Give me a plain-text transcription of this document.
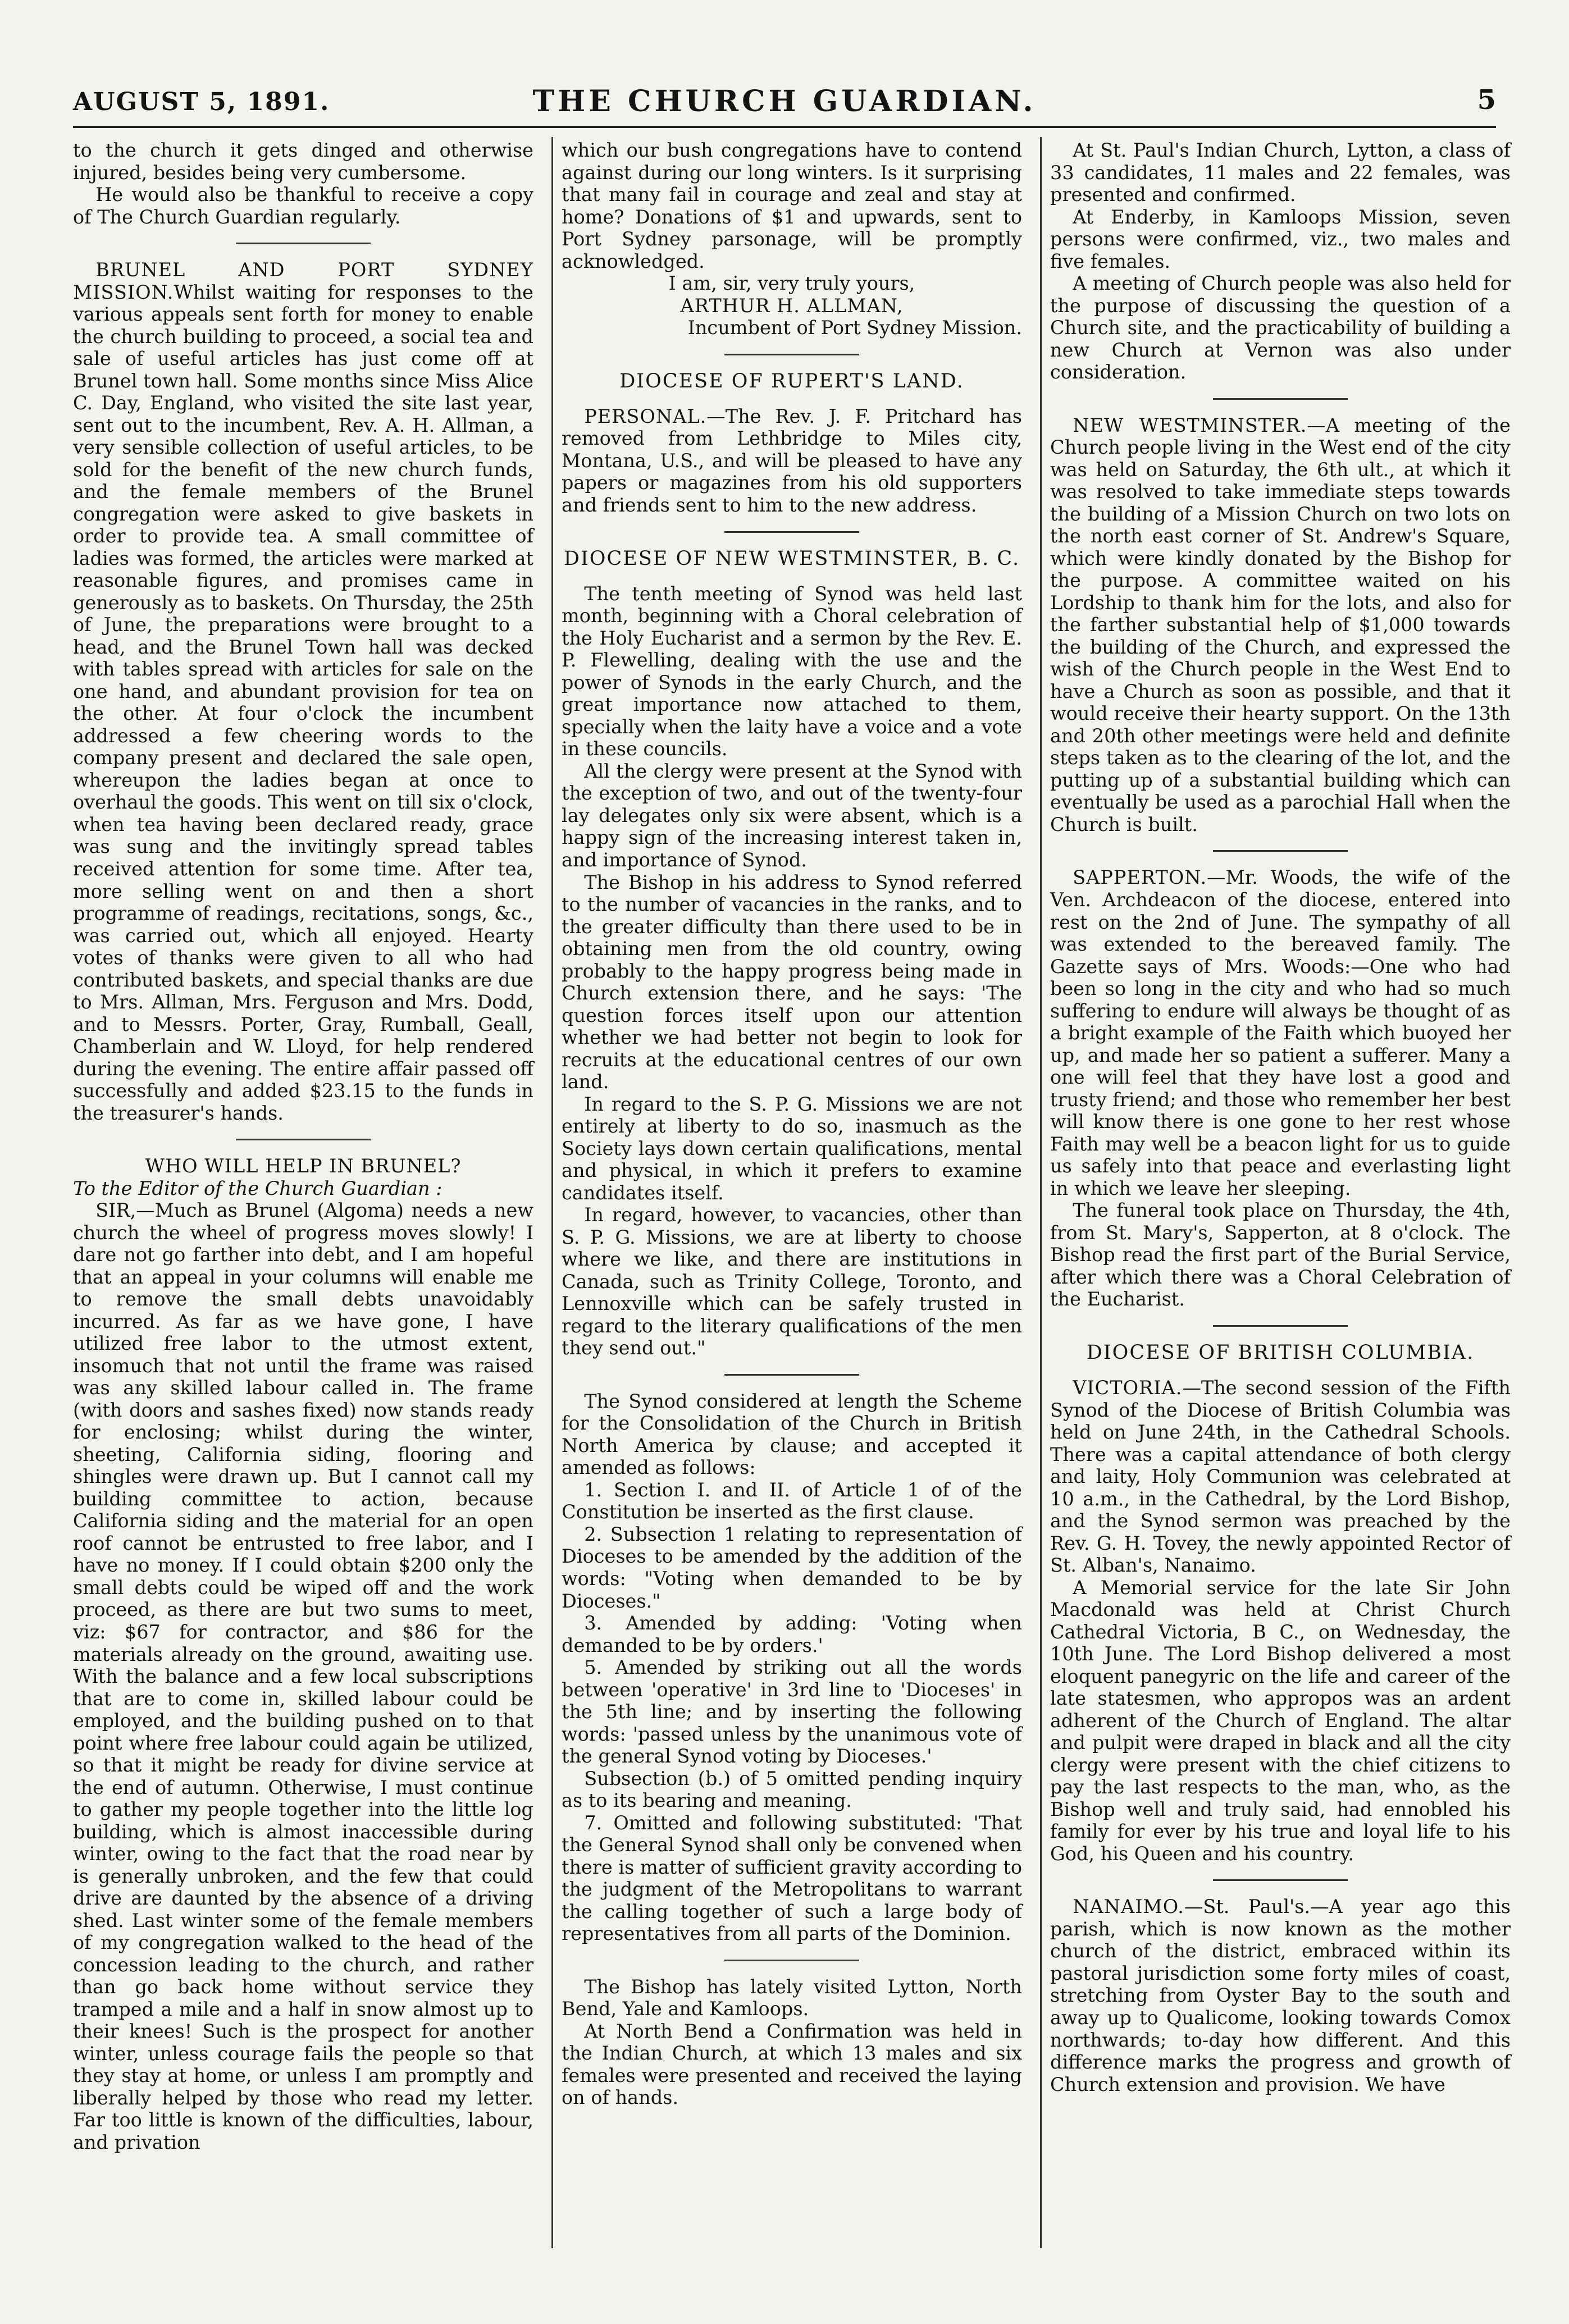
AUGUST 5, 1891.	THE CHURCH GUARDIAN.	5

to the church it gets dinged and otherwise injured, besides being very cumbersome.

He would also be thankful to receive a copy of The Church Guardian regularly.

BRUNEL AND PORT SYDNEY MISSION.Whilst waiting for responses to the various appeals sent forth for money to enable the church building to proceed, a social tea and sale of useful articles has just come off at Brunel town hall. Some months since Miss Alice C. Day, England, who visited the site last year, sent out to the incumbent, Rev. A. H. Allman, a very sensible collection of useful articles, to be sold for the benefit of the new church funds, and the female members of the Brunel congregation were asked to give baskets in order to provide tea. A small committee of ladies was formed, the articles were marked at reasonable figures, and promises came in generously as to baskets. On Thursday, the 25th of June, the preparations were brought to a head, and the Brunel Town hall was decked with tables spread with articles for sale on the one hand, and abundant provision for tea on the other. At four o'clock the incumbent addressed a few cheering words to the company present and declared the sale open, whereupon the ladies began at once to overhaul the goods. This went on till six o'clock, when tea having been declared ready, grace was sung and the invitingly spread tables received attention for some time. After tea, more selling went on and then a short programme of readings, recitations, songs, &c., was carried out, which all enjoyed. Hearty votes of thanks were given to all who had contributed baskets, and special thanks are due to Mrs. Allman, Mrs. Ferguson and Mrs. Dodd, and to Messrs. Porter, Gray, Rumball, Geall, Chamberlain and W. Lloyd, for help rendered during the evening. The entire affair passed off successfully and added $23.15 to the funds in the treasurer's hands.

WHO WILL HELP IN BRUNEL?

To the Editor of the Church Guardian :

SIR,—Much as Brunel (Algoma) needs a new church the wheel of progress moves slowly! I dare not go farther into debt, and I am hopeful that an appeal in your columns will enable me to remove the small debts unavoidably incurred. As far as we have gone, I have utilized free labor to the utmost extent, insomuch that not until the frame was raised was any skilled labour called in. The frame (with doors and sashes fixed) now stands ready for enclosing; whilst during the winter, sheeting, California siding, flooring and shingles were drawn up. But I cannot call my building committee to action, because California siding and the material for an open roof cannot be entrusted to free labor, and I have no money. If I could obtain $200 only the small debts could be wiped off and the work proceed, as there are but two sums to meet, viz: $67 for contractor, and $86 for the materials already on the ground, awaiting use. With the balance and a few local subscriptions that are to come in, skilled labour could be employed, and the building pushed on to that point where free labour could again be utilized, so that it might be ready for divine service at the end of autumn. Otherwise, I must continue to gather my people together into the little log building, which is almost inaccessible during winter, owing to the fact that the road near by is generally unbroken, and the few that could drive are daunted by the absence of a driving shed. Last winter some of the female members of my congregation walked to the head of the concession leading to the church, and rather than go back home without service they tramped a mile and a half in snow almost up to their knees! Such is the prospect for another winter, unless courage fails the people so that they stay at home, or unless I am promptly and liberally helped by those who read my letter. Far too little is known of the difficulties, labour, and privation

which our bush congregations have to contend against during our long winters. Is it surprising that many fail in courage and zeal and stay at home? Donations of $1 and upwards, sent to Port Sydney parsonage, will be promptly acknowledged.

I am, sir, very truly yours,

ARTHUR H. ALLMAN,

Incumbent of Port Sydney Mission.

DIOCESE OF RUPERT'S LAND.

PERSONAL.—The Rev. J. F. Pritchard has removed from Lethbridge to Miles city, Montana, U.S., and will be pleased to have any papers or magazines from his old supporters and friends sent to him to the new address.

DIOCESE OF NEW WESTMINSTER, B. C.

The tenth meeting of Synod was held last month, beginning with a Choral celebration of the Holy Eucharist and a sermon by the Rev. E. P. Flewelling, dealing with the use and the power of Synods in the early Church, and the great importance now attached to them, specially when the laity have a voice and a vote in these councils.

All the clergy were present at the Synod with the exception of two, and out of the twenty-four lay delegates only six were absent, which is a happy sign of the increasing interest taken in, and importance of Synod.

The Bishop in his address to Synod referred to the number of vacancies in the ranks, and to the greater difficulty than there used to be in obtaining men from the old country, owing probably to the happy progress being made in Church extension there, and he says: 'The question forces itself upon our attention whether we had better not begin to look for recruits at the educational centres of our own land.

In regard to the S. P. G. Missions we are not entirely at liberty to do so, inasmuch as the Society lays down certain qualifications, mental and physical, in which it prefers to examine candidates itself.

In regard, however, to vacancies, other than S. P. G. Missions, we are at liberty to choose where we like, and there are institutions in Canada, such as Trinity College, Toronto, and Lennoxville which can be safely trusted in regard to the literary qualifications of the men they send out."

The Synod considered at length the Scheme for the Consolidation of the Church in British North America by clause; and accepted it amended as follows:

1. Section I. and II. of Article 1 of of the Constitution be inserted as the first clause.

2. Subsection 1 relating to representation of Dioceses to be amended by the addition of the words: "Voting when demanded to be by Dioceses."

3. Amended by adding: 'Voting when demanded to be by orders.'

5. Amended by striking out all the words between 'operative' in 3rd line to 'Dioceses' in the 5th line; and by inserting the following words: 'passed unless by the unanimous vote of the general Synod voting by Dioceses.'

Subsection (b.) of 5 omitted pending inquiry as to its bearing and meaning.

7. Omitted and following substituted: 'That the General Synod shall only be convened when there is matter of sufficient gravity according to the judgment of the Metropolitans to warrant the calling together of such a large body of representatives from all parts of the Dominion.

The Bishop has lately visited Lytton, North Bend, Yale and Kamloops.

At North Bend a Confirmation was held in the Indian Church, at which 13 males and six females were presented and received the laying on of hands.

At St. Paul's Indian Church, Lytton, a class of 33 candidates, 11 males and 22 females, was presented and confirmed.

At Enderby, in Kamloops Mission, seven persons were confirmed, viz., two males and five females.

A meeting of Church people was also held for the purpose of discussing the question of a Church site, and the practicability of building a new Church at Vernon was also under consideration.

NEW WESTMINSTER.—A meeting of the Church people living in the West end of the city was held on Saturday, the 6th ult., at which it was resolved to take immediate steps towards the building of a Mission Church on two lots on the north east corner of St. Andrew's Square, which were kindly donated by the Bishop for the purpose. A committee waited on his Lordship to thank him for the lots, and also for the farther substantial help of $1,000 towards the building of the Church, and expressed the wish of the Church people in the West End to have a Church as soon as possible, and that it would receive their hearty support. On the 13th and 20th other meetings were held and definite steps taken as to the clearing of the lot, and the putting up of a substantial building which can eventually be used as a parochial Hall when the Church is built.

SAPPERTON.—Mr. Woods, the wife of the Ven. Archdeacon of the diocese, entered into rest on the 2nd of June. The sympathy of all was extended to the bereaved family. The Gazette says of Mrs. Woods:—One who had been so long in the city and who had so much suffering to endure will always be thought of as a bright example of the Faith which buoyed her up, and made her so patient a sufferer. Many a one will feel that they have lost a good and trusty friend; and those who remember her best will know there is one gone to her rest whose Faith may well be a beacon light for us to guide us safely into that peace and everlasting light in which we leave her sleeping.

The funeral took place on Thursday, the 4th, from St. Mary's, Sapperton, at 8 o'clock. The Bishop read the first part of the Burial Service, after which there was a Choral Celebration of the Eucharist.

DIOCESE OF BRITISH COLUMBIA.

VICTORIA.—The second session of the Fifth Synod of the Diocese of British Columbia was held on June 24th, in the Cathedral Schools. There was a capital attendance of both clergy and laity, Holy Communion was celebrated at 10 a.m., in the Cathedral, by the Lord Bishop, and the Synod sermon was preached by the Rev. G. H. Tovey, the newly appointed Rector of St. Alban's, Nanaimo.

A Memorial service for the late Sir John Macdonald was held at Christ Church Cathedral Victoria, B C., on Wednesday, the 10th June. The Lord Bishop delivered a most eloquent panegyric on the life and career of the late statesmen, who appropos was an ardent adherent of the Church of England. The altar and pulpit were draped in black and all the city clergy were present with the chief citizens to pay the last respects to the man, who, as the Bishop well and truly said, had ennobled his family for ever by his true and loyal life to his God, his Queen and his country.

NANAIMO.—St. Paul's.—A year ago this parish, which is now known as the mother church of the district, embraced within its pastoral jurisdiction some forty miles of coast, stretching from Oyster Bay to the south and away up to Qualicome, looking towards Comox northwards; to-day how different. And this difference marks the progress and growth of Church extension and provision. We have
